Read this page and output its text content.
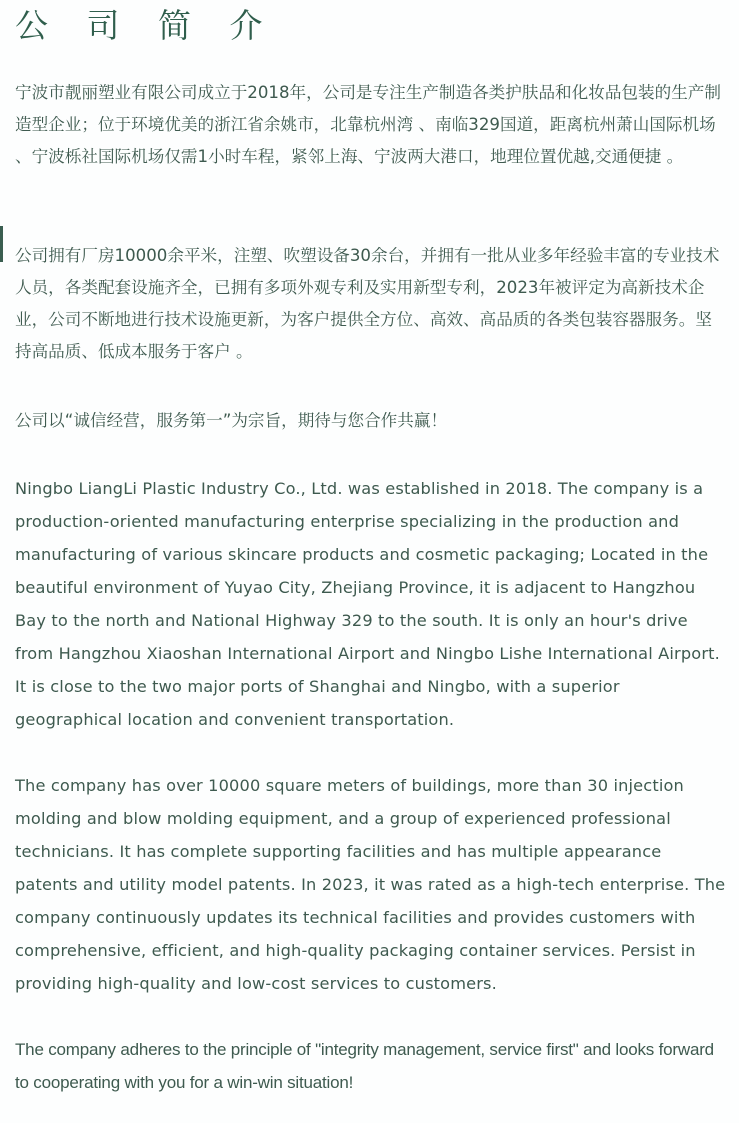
公 司 简 介

宁波市靓丽塑业有限公司成立于2018年，公司是专注生产制造各类护肤品和化妆品包装的生产制造型企业；位于环境优美的浙江省余姚市，北靠杭州湾 、南临329国道，距离杭州萧山国际机场 、宁波栎社国际机场仅需1小时车程，紧邻上海、宁波两大港口，地理位置优越,交通便捷 。

公司拥有厂房10000余平米，注塑、吹塑设备30余台，并拥有一批从业多年经验丰富的专业技术人员，各类配套设施齐全，已拥有多项外观专利及实用新型专利，2023年被评定为高新技术企业，公司不断地进行技术设施更新，为客户提供全方位、高效、高品质的各类包装容器服务。坚持高品质、低成本服务于客户 。

公司以“诚信经营，服务第一”为宗旨，期待与您合作共赢！

Ningbo LiangLi Plastic Industry Co., Ltd. was established in 2018. The company is a production-oriented manufacturing enterprise specializing in the production and manufacturing of various skincare products and cosmetic packaging; Located in the beautiful environment of Yuyao City, Zhejiang Province, it is adjacent to Hangzhou Bay to the north and National Highway 329 to the south. It is only an hour's drive from Hangzhou Xiaoshan International Airport and Ningbo Lishe International Airport. It is close to the two major ports of Shanghai and Ningbo, with a superior geographical location and convenient transportation.

The company has over 10000 square meters of buildings, more than 30 injection molding and blow molding equipment, and a group of experienced professional technicians. It has complete supporting facilities and has multiple appearance patents and utility model patents. In 2023, it was rated as a high-tech enterprise. The company continuously updates its technical facilities and provides customers with comprehensive, efficient, and high-quality packaging container services. Persist in providing high-quality and low-cost services to customers.

The company adheres to the principle of "integrity management, service first" and looks forward to cooperating with you for a win-win situation!
